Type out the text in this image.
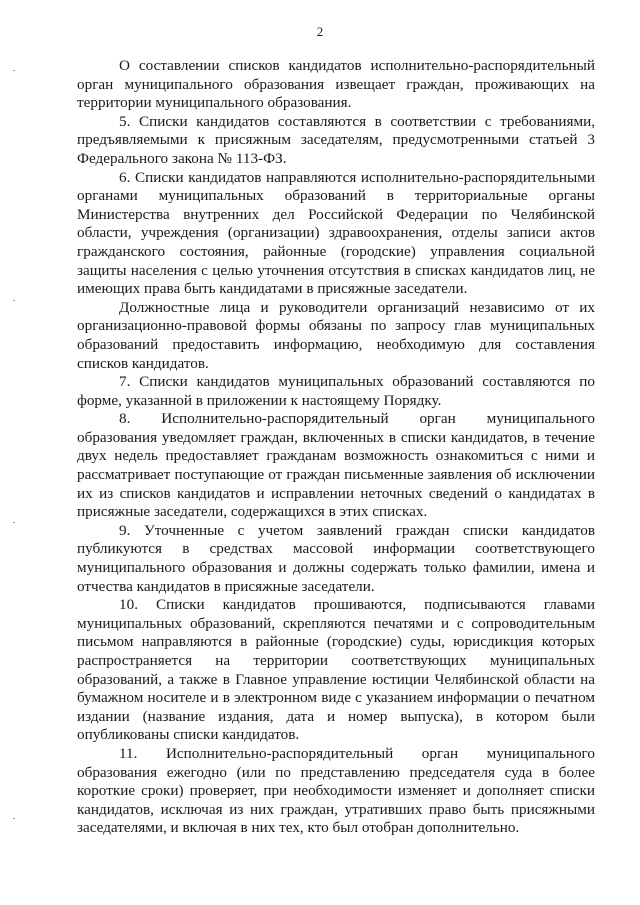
2

О составлении списков кандидатов исполнительно-распорядительный орган муниципального образования извещает граждан, проживающих на территории муниципального образования.

5. Списки кандидатов составляются в соответствии с требованиями, предъявляемыми к присяжным заседателям, предусмотренными статьей 3 Федерального закона № 113-ФЗ.

6. Списки кандидатов направляются исполнительно-распорядительными органами муниципальных образований в территориальные органы Министерства внутренних дел Российской Федерации по Челябинской области, учреждения (организации) здравоохранения, отделы записи актов гражданского состояния, районные (городские) управления социальной защиты населения с целью уточнения отсутствия в списках кандидатов лиц, не имеющих права быть кандидатами в присяжные заседатели.

Должностные лица и руководители организаций независимо от их организационно-правовой формы обязаны по запросу глав муниципальных образований предоставить информацию, необходимую для составления списков кандидатов.

7. Списки кандидатов муниципальных образований составляются по форме, указанной в приложении к настоящему Порядку.

8. Исполнительно-распорядительный орган муниципального образования уведомляет граждан, включенных в списки кандидатов, в течение двух недель предоставляет гражданам возможность ознакомиться с ними и рассматривает поступающие от граждан письменные заявления об исключении их из списков кандидатов и исправлении неточных сведений о кандидатах в присяжные заседатели, содержащихся в этих списках.

9. Уточненные с учетом заявлений граждан списки кандидатов публикуются в средствах массовой информации соответствующего муниципального образования и должны содержать только фамилии, имена и отчества кандидатов в присяжные заседатели.

10. Списки кандидатов прошиваются, подписываются главами муниципальных образований, скрепляются печатями и с сопроводительным письмом направляются в районные (городские) суды, юрисдикция которых распространяется на территории соответствующих муниципальных образований, а также в Главное управление юстиции Челябинской области на бумажном носителе и в электронном виде с указанием информации о печатном издании (название издания, дата и номер выпуска), в котором были опубликованы списки кандидатов.

11. Исполнительно-распорядительный орган муниципального образования ежегодно (или по представлению председателя суда в более короткие сроки) проверяет, при необходимости изменяет и дополняет списки кандидатов, исключая из них граждан, утративших право быть присяжными заседателями, и включая в них тех, кто был отобран дополнительно.
